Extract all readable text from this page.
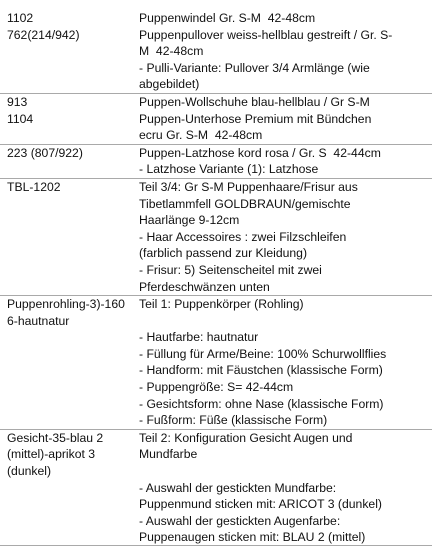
1102
762(214/942)
Puppenwindel Gr. S-M  42-48cm
Puppenpullover weiss-hellblau gestreift / Gr. S-
M  42-48cm
- Pulli-Variante: Pullover 3/4 Armlänge (wie
abgebildet)
913
1104
Puppen-Wollschuhe blau-hellblau / Gr S-M
Puppen-Unterhose Premium mit Bündchen
ecru Gr. S-M  42-48cm
223 (807/922)	Puppen-Latzhose kord rosa / Gr. S  42-44cm
- Latzhose Variante (1): Latzhose
TBL-1202	Teil 3/4: Gr S-M Puppenhaare/Frisur aus
Tibetlammfell GOLDBRAUN/gemischte
Haarlänge 9-12cm
- Haar Accessoires : zwei Filzschleifen
(farblich passend zur Kleidung)
- Frisur: 5) Seitenscheitel mit zwei
Pferdeschwänzen unten
Puppenrohling-3)-160
6-hautnatur
Teil 1: Puppenkörper (Rohling)
- Hautfarbe: hautnatur
- Füllung für Arme/Beine: 100% Schurwollflies
- Handform: mit Fäustchen (klassische Form)
- Puppengröße: S= 42-44cm
- Gesichtsform: ohne Nase (klassische Form)
- Fußform: Füße (klassische Form)
Gesicht-35-blau 2
(mittel)-aprikot 3
(dunkel)
Teil 2: Konfiguration Gesicht Augen und
Mundfarbe
- Auswahl der gestickten Mundfarbe:
Puppenmund sticken mit: ARICOT 3 (dunkel)
- Auswahl der gestickten Augenfarbe:
Puppenaugen sticken mit: BLAU 2 (mittel)
